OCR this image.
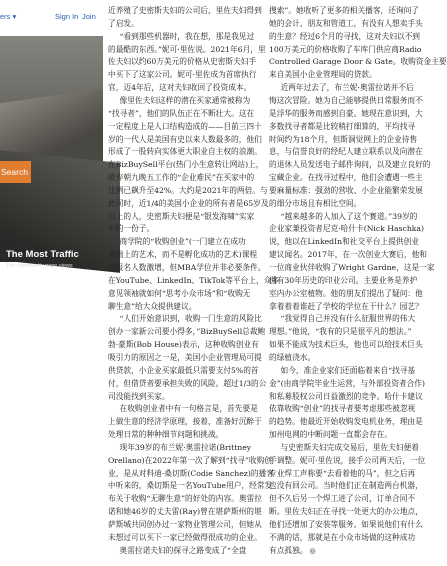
ers ▾	Sign In Join
Search
The Most Traffic
The community page views
近养殖了史密斯夫妇的公司后，里佐夫妇得到
了启发。
“看到那些机器时，我在想，那是我见过
的最酷的东西。”妮可·里佐说。2021年6月，里
佐夫妇以约60万美元的价格从史密斯夫妇手
中买下了这家公司。妮可·里佐成为首席执行
官，迈4年后，这对夫妇收回了投资成本。
像里佐夫妇这样的潜在买家通常被称为
“找寻者”，他们的队伍正在不断壮大。这在
一定程度上是人口结构造成的——目前三四十
岁的一代人是美国有史以来人数最多的，他们
形成了一股转向实体更大职业自主权的浪潮。
在BizBuySell平台(热门小生意转让网站)上，
故弃朝九晚五工作的“企业难民”在买家中的
比例已飙升至42%。大约是2021年的两倍。与
此同时，近1/4的美国小企业的所有者是65岁及
以上的人，史密斯夫妇便是“银发海啸”实家
中的一份子。
商学院的“收购创业”(一门建立在成功
基础上的艺术，而不是孵化成功的艺术)课程
的报名人数激增，但MBA学位并非必要条件。
在YouTube、LinkedIn、TikTok等平台上，众多
意见领袖就如何“思考小众市场”和“收购无
聊生意”给大众提供建议。
“人们开始意识到，收购一门生意的风险比
创办一家新公司要小得多，”BizBuySell总裁鲍
勃·豪斯(Bob House)表示，这种收购创业有
吸引力的原因之一是，美国小企业管理局可提
供贷款，小企业买家最低只需要支付5%的首
付，但借贷者要承担失败的风险。超过1/3的公
司没能找到买家。
在收购创业者中有一句格言是，首先要是
上做生意的经济学原理，接着，准备好沉醉于
处理日常的种种细节问题和挑战。
现年39岁的布兰妮·奥雷拉诺(Brittney
Orellano)在2022年第一次了解到“找寻”收购创
业，是从对科迪·桑切斯(Codie Sanchez)的播客
中听来的，桑切斯是一名YouTube用户，经常发
布关于收购“无聊生意”的好处的内容。奥雷拉
诺和她46岁的丈夫雷(Ray)曾在堪萨斯州的堪
萨斯城共同创办过一家物业管理公司，但她从
未想过可以买下一家已经做得很成功的企业。
奥雷拉诺夫妇的探寻之路变成了“全盘
搜索”。她收听了更多的相关播客，还询问了
她的会计、朋友和管道工，有没有人想卖手头
的生意？经过6个月的寻找，这对夫妇以不到
100万美元的价格收购了车库门供应商Radio
Controlled Garage Door & Gate。收购资金主要
来自美国小企业管理局的贷款。
近两年过去了，布兰妮·奥雷拉诺并不后
悔这次冒险。她为自己能够提供日常服务而不
是浮华的服务而感到自豪。她现在意识到，大
多数找寻者都是比较稍打细算的，平均找寻
时间约为18个月，但斯洞觉网上的企业待售
息，与信誉良好的经纪人建立联系以及向潜在
的退休人员发送电子邮件询问，以及建立良好的
宝藏企业。在找寻过程中，他们会遭遇一些主
要麻量标准：强劲的营收、小企业能繁荣发展
的细分市场且有相比空间。
“越来越多的人加入了这个赛道。”39岁的
企业家兼投资者尼克·哈什卡(Nick Haschka)
说，他以在LinkedIn和社交平台上提供创业
建议闻名。2017年，在一次创业大赛后，他和
一位商业伙伴收购了Wright Gardne，这是一家
拥有30年历史的印业公司。主要业务是养护
室内办公室植物。他的朋友们提出了疑问：他
拿着着着谁赶了学校的学位在干什么？园艺？
“我觉得自己并没有什么征服世界的伟大
理想。”他说，“我有的只是很平凡的想法。”
如果不能成为技术巨头，他也可以给技术巨头
的绿植浇水。
如今，准企业家们还面临着来自“找寻基
金”(由商学院毕业生运营，与外部投资者合作)
和私募股权公司日益激烈的竞争。哈什卡建议
依靠收购“创业”的找寻者要考虑那些被忽视
的趋势。他最近开始收购发电机业务，理由是
加州电网的中断问题一直都会存在。
与史密斯夫妇完成交易后，里佐夫妇便着
手调整。妮可·里佐说，接手公司两天后，一位
专业焊工声称要“去看着他的马”，但之后再
也没有回公司。当时他们正在制造两台机器，
但不久后另一个焊工进了公司，订单合同不
断。里佐夫妇正在寻找一处更大的办公地点，
他们还增加了安装等服务。如果说他们有什么
不满的话，那就是在小众市场做的这种成功
有点孤独。 ◎
